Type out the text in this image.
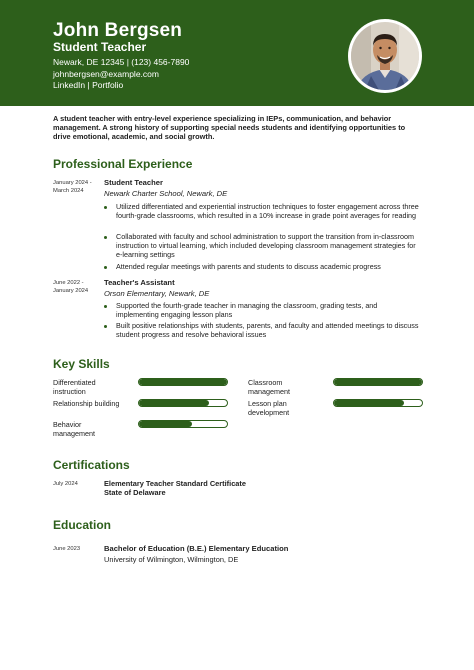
John Bergsen
Student Teacher
Newark, DE 12345 | (123) 456-7890
johnbergsen@example.com
LinkedIn | Portfolio
A student teacher with entry-level experience specializing in IEPs, communication, and behavior management. A strong history of supporting special needs students and identifying opportunities to drive emotional, academic, and social growth.
Professional Experience
January 2024 - March 2024
Student Teacher
Newark Charter School, Newark, DE
Utilized differentiated and experiential instruction techniques to foster engagement across three fourth-grade classrooms, which resulted in a 10% increase in grade point averages for reading
Collaborated with faculty and school administration to support the transition from in-classroom instruction to virtual learning, which included developing classroom management strategies for e-learning settings
Attended regular meetings with parents and students to discuss academic progress
June 2022 - January 2024
Teacher's Assistant
Orson Elementary, Newark, DE
Supported the fourth-grade teacher in managing the classroom, grading tests, and implementing engaging lesson plans
Built positive relationships with students, parents, and faculty and attended meetings to discuss student progress and resolve behavioral issues
Key Skills
Differentiated instruction
Classroom management
Relationship building	Lesson plan development
Behavior management
Certifications
July 2024	Elementary Teacher Standard Certificate State of Delaware
Education
June 2023	Bachelor of Education (B.E.) Elementary Education
University of Wilmington, Wilmington, DE
